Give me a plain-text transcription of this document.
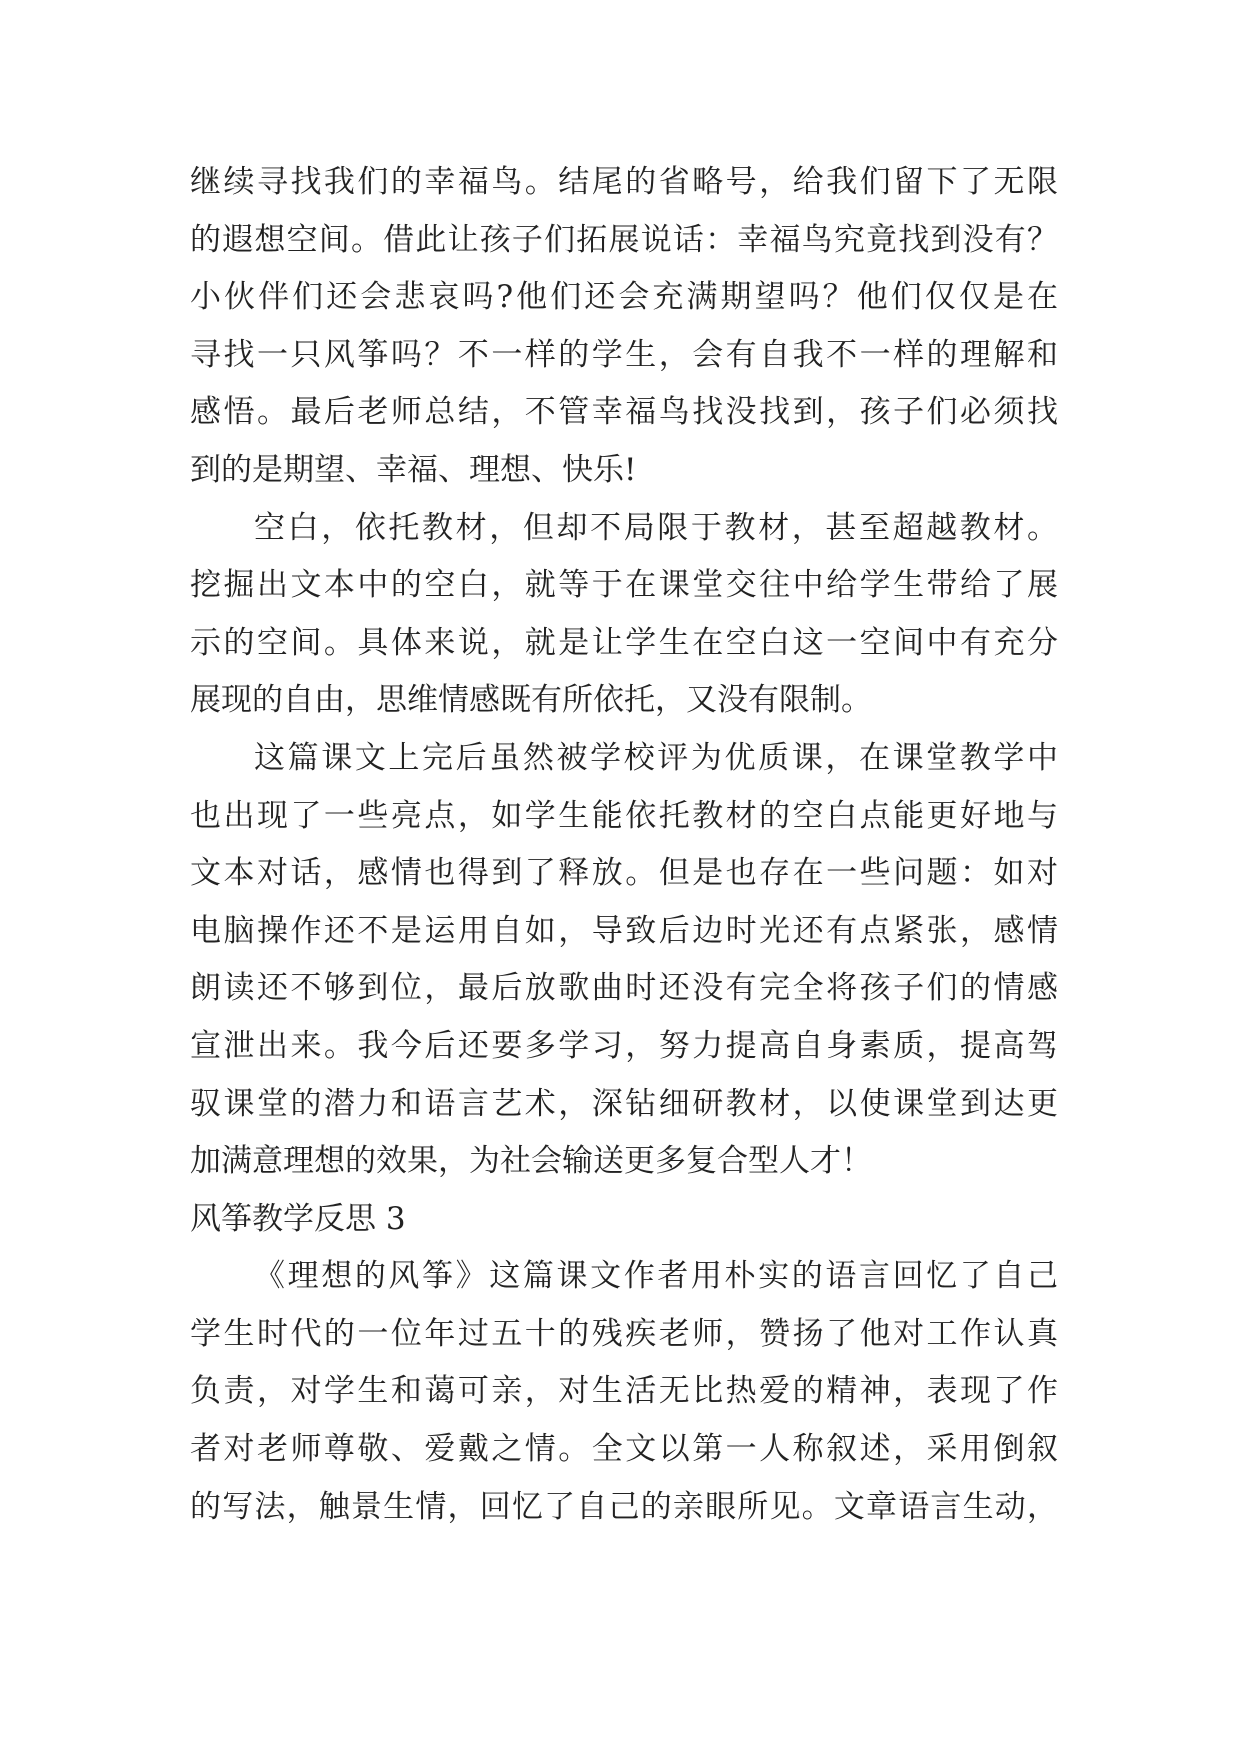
继续寻找我们的幸福鸟。结尾的省略号，给我们留下了无限
的遐想空间。借此让孩子们拓展说话：幸福鸟究竟找到没有？
小伙伴们还会悲哀吗?他们还会充满期望吗？他们仅仅是在
寻找一只风筝吗？不一样的学生，会有自我不一样的理解和
感悟。最后老师总结，不管幸福鸟找没找到，孩子们必须找
到的是期望、幸福、理想、快乐!
空白，依托教材，但却不局限于教材，甚至超越教材。
挖掘出文本中的空白，就等于在课堂交往中给学生带给了展
示的空间。具体来说，就是让学生在空白这一空间中有充分
展现的自由，思维情感既有所依托，又没有限制。
这篇课文上完后虽然被学校评为优质课，在课堂教学中
也出现了一些亮点，如学生能依托教材的空白点能更好地与
文本对话，感情也得到了释放。但是也存在一些问题：如对
电脑操作还不是运用自如，导致后边时光还有点紧张，感情
朗读还不够到位，最后放歌曲时还没有完全将孩子们的情感
宣泄出来。我今后还要多学习，努力提高自身素质，提高驾
驭课堂的潜力和语言艺术，深钻细研教材，以使课堂到达更
加满意理想的效果，为社会输送更多复合型人才！
风筝教学反思 3
《理想的风筝》这篇课文作者用朴实的语言回忆了自己
学生时代的一位年过五十的残疾老师，赞扬了他对工作认真
负责，对学生和蔼可亲，对生活无比热爱的精神，表现了作
者对老师尊敬、爱戴之情。全文以第一人称叙述，采用倒叙
的写法，触景生情，回忆了自己的亲眼所见。文章语言生动，
